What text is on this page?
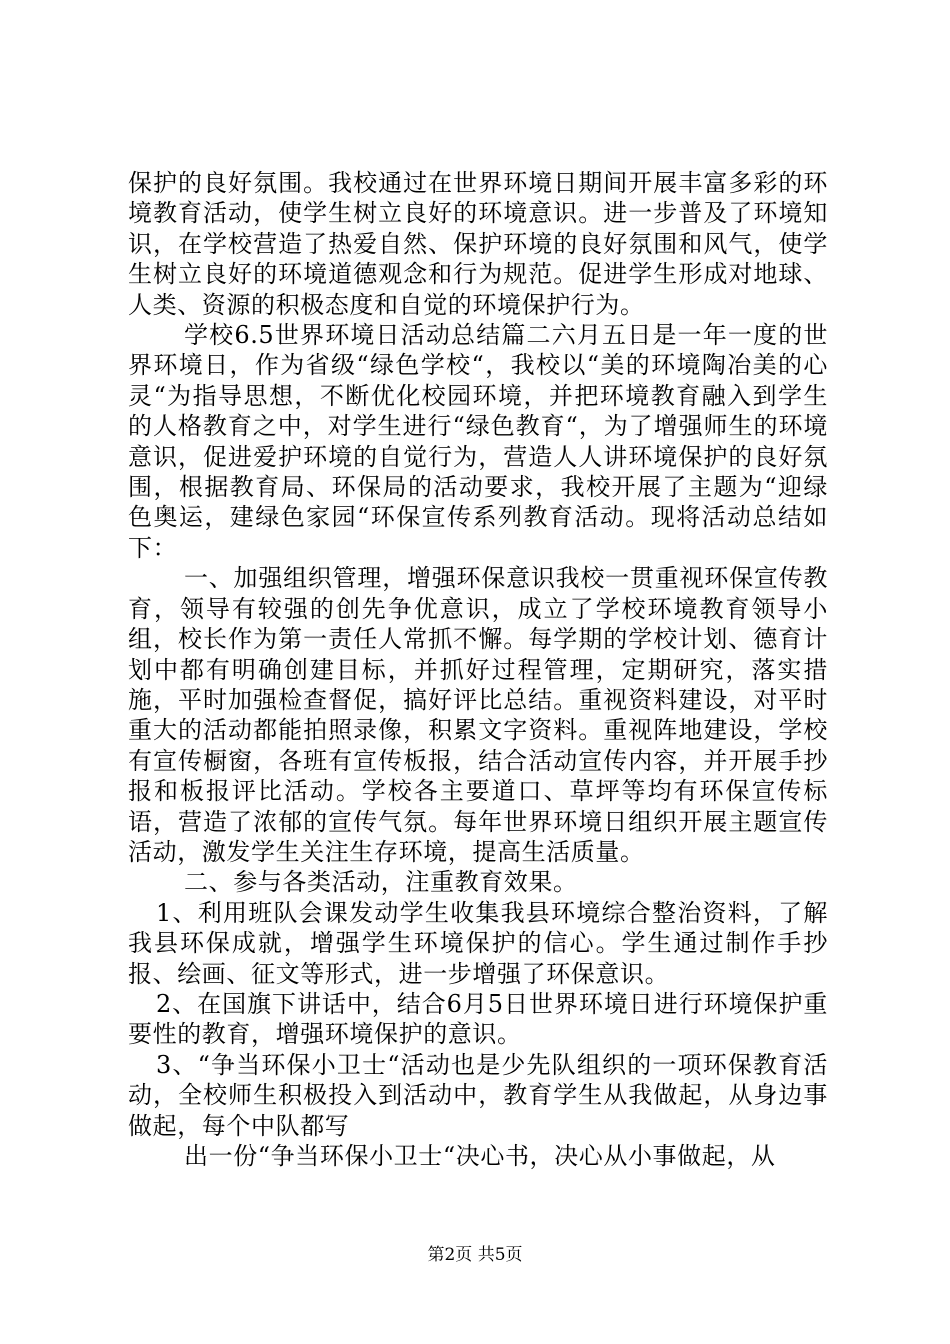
保护的良好氛围。我校通过在世界环境日期间开展丰富多彩的环境教育活动，使学生树立良好的环境意识。进一步普及了环境知识，在学校营造了热爱自然、保护环境的良好氛围和风气，使学生树立良好的环境道德观念和行为规范。促进学生形成对地球、人类、资源的积极态度和自觉的环境保护行为。

学校6.5世界环境日活动总结篇二六月五日是一年一度的世界环境日，作为省级“绿色学校“，我校以“美的环境陶冶美的心灵“为指导思想，不断优化校园环境，并把环境教育融入到学生的人格教育之中，对学生进行“绿色教育“，为了增强师生的环境意识，促进爱护环境的自觉行为，营造人人讲环境保护的良好氛围，根据教育局、环保局的活动要求，我校开展了主题为“迎绿色奥运，建绿色家园“环保宣传系列教育活动。现将活动总结如下：

一、加强组织管理，增强环保意识我校一贯重视环保宣传教育，领导有较强的创先争优意识，成立了学校环境教育领导小组，校长作为第一责任人常抓不懈。每学期的学校计划、德育计划中都有明确创建目标，并抓好过程管理，定期研究，落实措施，平时加强检查督促，搞好评比总结。重视资料建设，对平时重大的活动都能拍照录像，积累文字资料。重视阵地建设，学校有宣传橱窗，各班有宣传板报，结合活动宣传内容，并开展手抄报和板报评比活动。学校各主要道口、草坪等均有环保宣传标语，营造了浓郁的宣传气氛。每年世界环境日组织开展主题宣传活动，激发学生关注生存环境，提高生活质量。

二、参与各类活动，注重教育效果。

1、利用班队会课发动学生收集我县环境综合整治资料，了解我县环保成就，增强学生环境保护的信心。学生通过制作手抄报、绘画、征文等形式，进一步增强了环保意识。

2、在国旗下讲话中，结合6月5日世界环境日进行环境保护重要性的教育，增强环境保护的意识。

3、“争当环保小卫士“活动也是少先队组织的一项环保教育活动，全校师生积极投入到活动中，教育学生从我做起，从身边事做起，每个中队都写

出一份“争当环保小卫士“决心书，决心从小事做起，从

第2页 共5页
